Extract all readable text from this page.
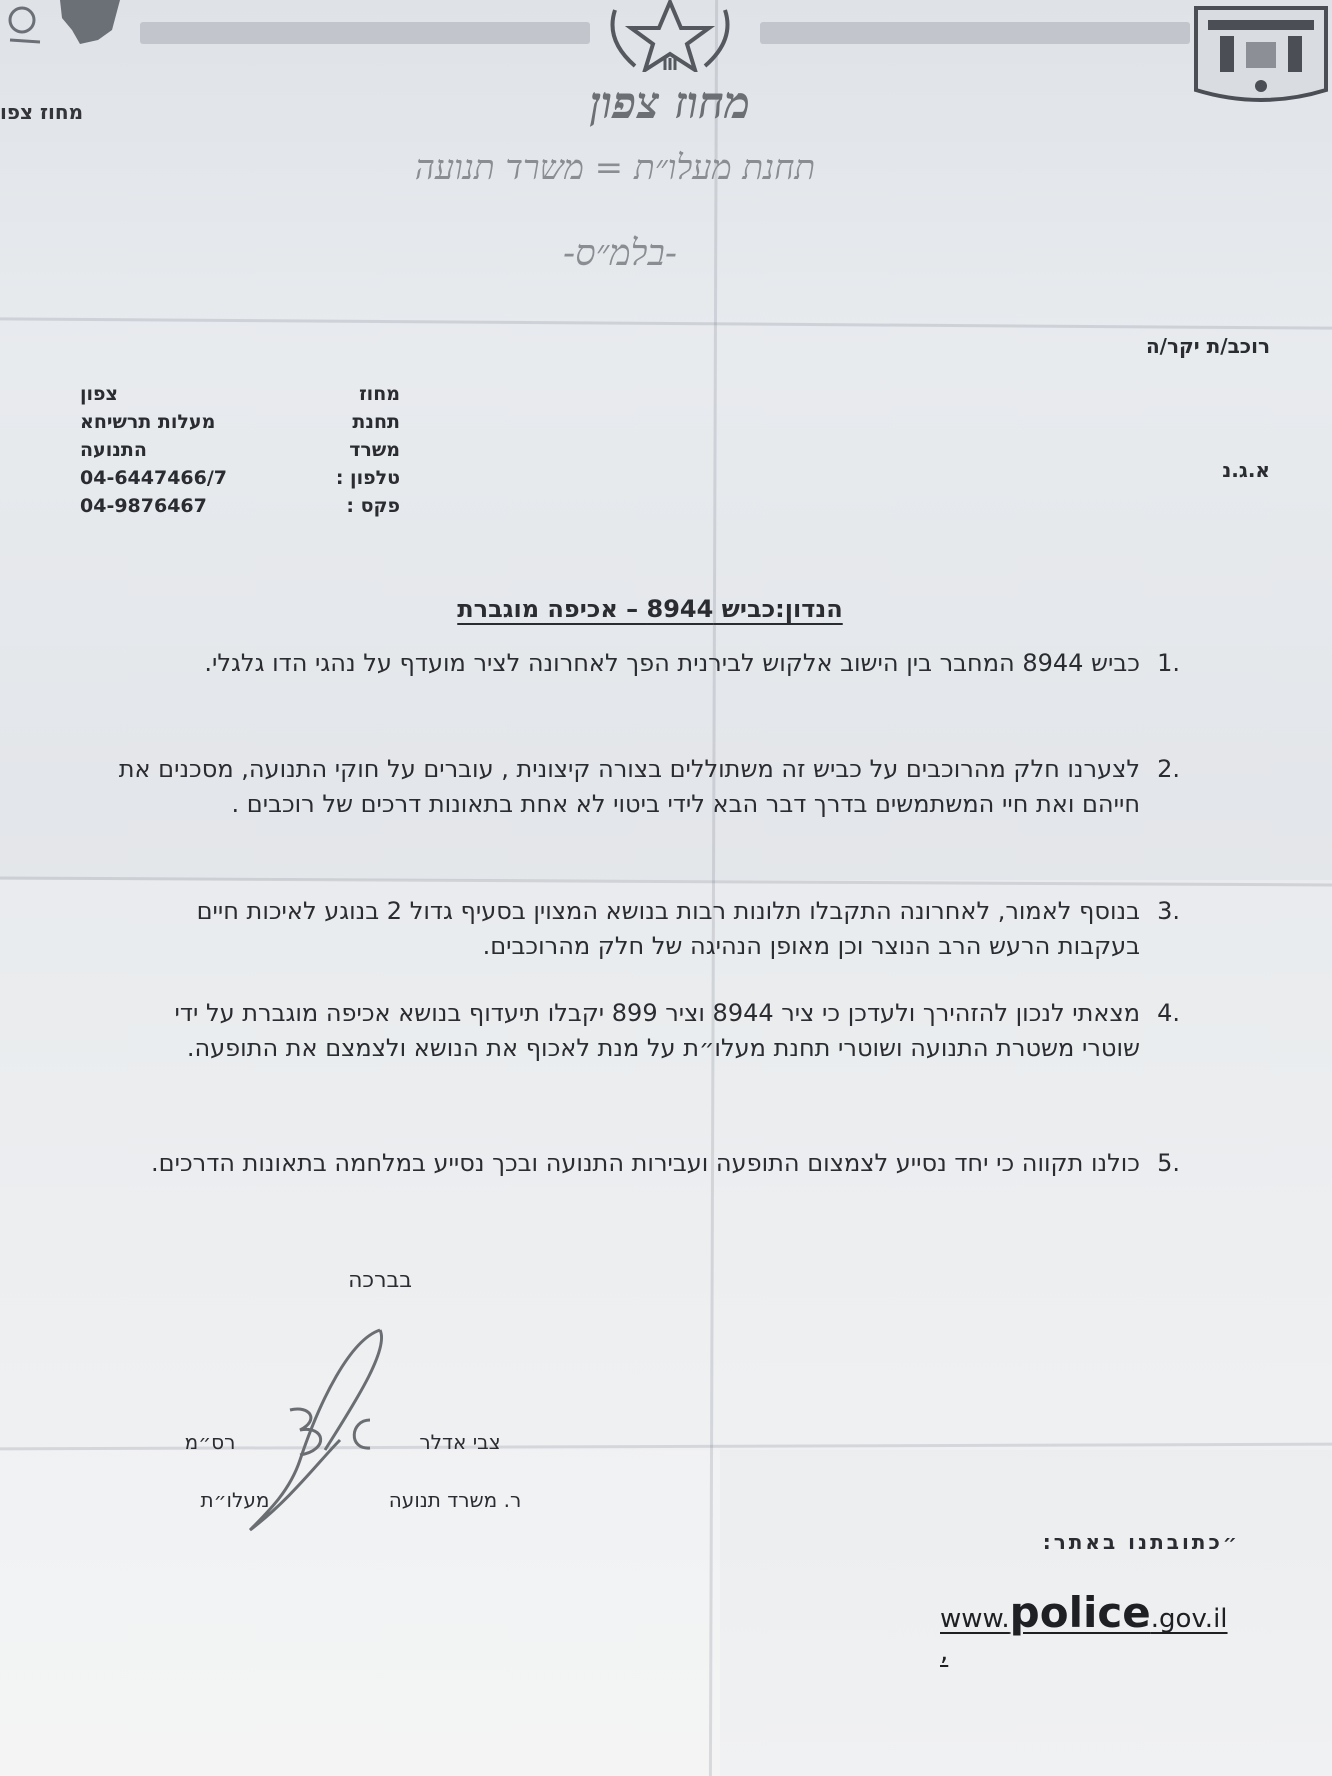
מחוז צפו	מחוז צפון
תחנת מעלו״ת = משרד תנועה
-בלמ״ס-
רוכב/ת יקר/ה
א.ג.נ
מחוז
צפון
תחנת
מעלות תרשיחא
משרד
התנועה
טלפון :
04-6447466/7
פקס :
04-9876467
הנדון:כביש 8944 – אכיפה מוגברת
1.
כביש 8944 המחבר בין הישוב אלקוש לבירנית הפך לאחרונה לציר מועדף על נהגי הדו גלגלי.
2.
לצערנו חלק מהרוכבים על כביש זה משתוללים בצורה קיצונית , עוברים על חוקי התנועה, מסכנים את חייהם ואת חיי המשתמשים בדרך דבר הבא לידי ביטוי לא אחת בתאונות דרכים של רוכבים .
3.
בנוסף לאמור, לאחרונה התקבלו תלונות רבות בנושא המצוין בסעיף גדול 2 בנוגע לאיכות חיים בעקבות הרעש הרב הנוצר וכן מאופן הנהיגה של חלק מהרוכבים.
4.
מצאתי לנכון להזהירך ולעדכן כי ציר 8944 וציר 899 יקבלו תיעדוף בנושא אכיפה מוגברת על ידי שוטרי משטרת התנועה ושוטרי תחנת מעלו״ת על מנת לאכוף את הנושא ולצמצם את התופעה.
5.
כולנו תקווה כי יחד נסייע לצמצום התופעה ועבירות התנועה ובכך נסייע במלחמה בתאונות הדרכים.
בברכה
רס״מ
מעלו״ת
צבי אדלר
ר. משרד תנועה
״כתובתנו באתר:
www.police.gov.il ,
